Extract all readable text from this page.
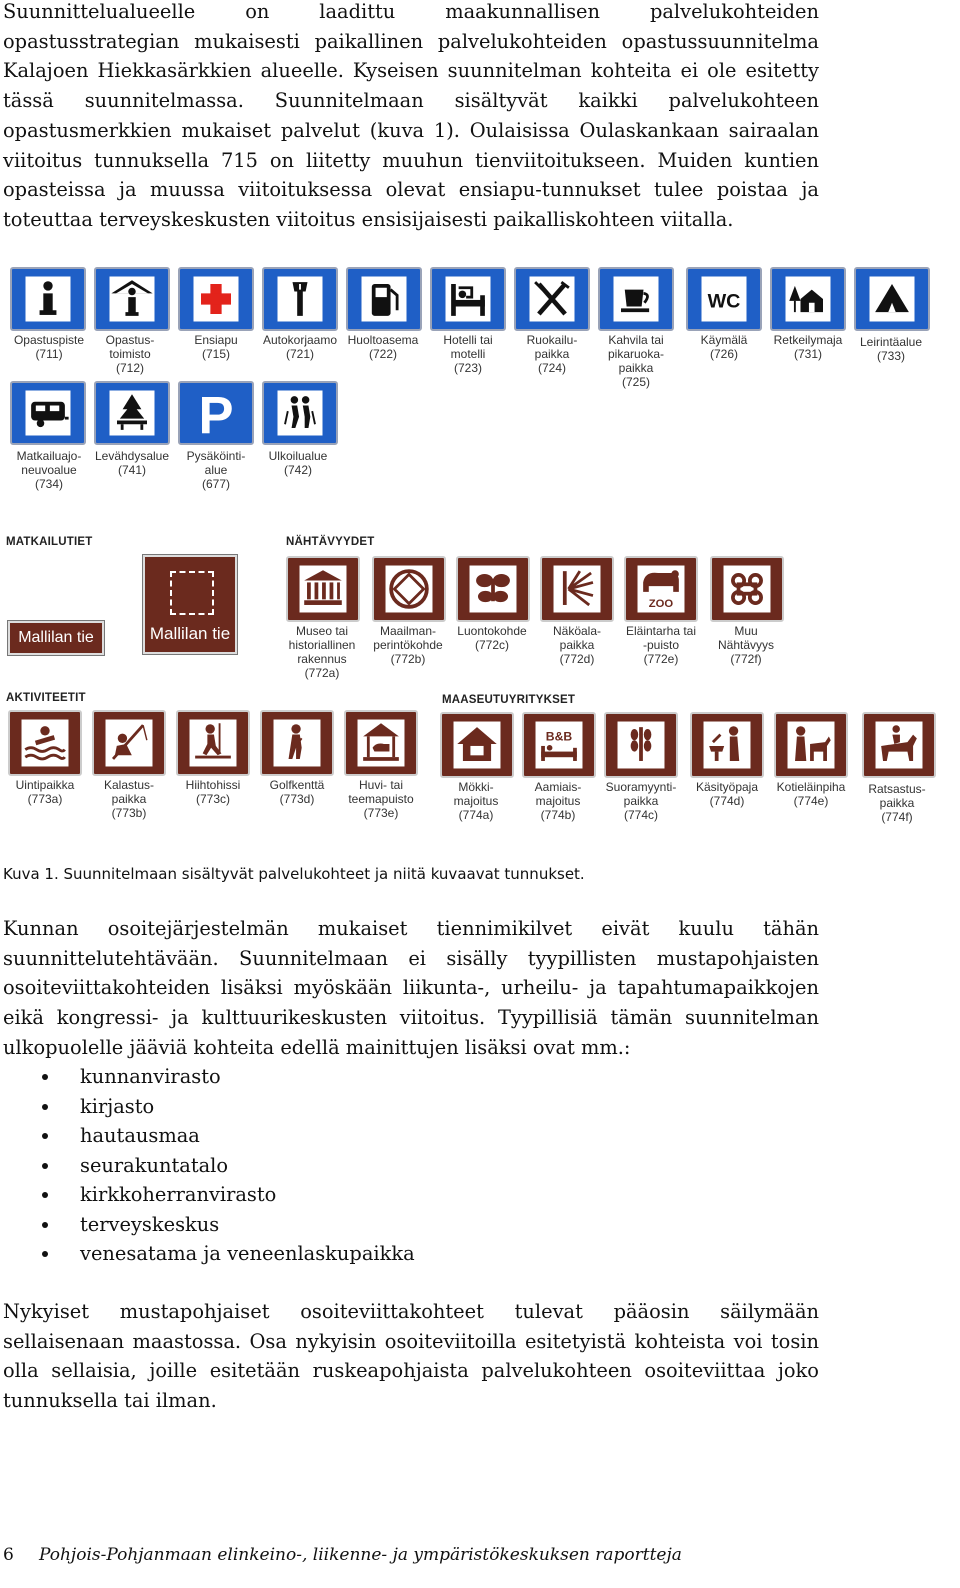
Suunnittelualueelle on laadittu maakunnallisen palvelukohteiden opastusstrategian mukaisesti paikallinen palvelukohteiden opastussuunnitelma Kalajoen Hiekkasärkkien alueelle. Kyseisen suunnitelman kohteita ei ole esitetty tässä suunnitelmassa. Suunnitelmaan sisältyvät kaikki palvelukohteen opastusmerkkien mukaiset palvelut (kuva 1). Oulaisissa Oulaskankaan sairaalan viitoitus tunnuksella 715 on liitetty muuhun tienviitoitukseen. Muiden kuntien opasteissa ja muussa viitoituksessa olevat ensiapu-tunnukset tulee poistaa ja toteuttaa terveyskeskusten viitoitus ensisijaisesti paikalliskohteen viitalla.

WC
P
Opastuspiste
(711)
Opastus-
toimisto
(712)
Ensiapu
(715)
Autokorjaamo
(721)
Huoltoasema
(722)
Hotelli tai
motelli
(723)
Ruokailu-
paikka
(724)
Kahvila tai
pikaruoka-
paikka
(725)
Käymälä
(726)
Retkeilymaja
(731)
Leirintäalue
(733)
Matkailuajo-
neuvoalue
(734)
Levähdysalue
(741)
Pysäköinti-
alue
(677)
Ulkoilualue
(742)
MATKAILUTIET	NÄHTÄVYYDET
Mallilan tie	Mallilan tie
ZOO
Museo tai
historiallinen
rakennus
(772a)
Maailman-
perintökohde
(772b)
Luontokohde
(772c)
Näköala-
paikka
(772d)
Eläintarha tai
-puisto
(772e)
Muu
Nähtävyys
(772f)
AKTIVITEETIT	MAASEUTUYRITYKSET
Uintipaikka
(773a)
Kalastus-
paikka
(773b)
Hiihtohissi
(773c)
Golfkenttä
(773d)
Huvi- tai
teemapuisto
(773e)
B&B
Mökki-
majoitus
(774a)
Aamiais-
majoitus
(774b)
Suoramyynti-
paikka
(774c)
Käsityöpaja
(774d)
Kotieläinpiha
(774e)
Ratsastus-
paikka
(774f)
Kuva 1. Suunnitelmaan sisältyvät palvelukohteet ja niitä kuvaavat tunnukset.

Kunnan osoitejärjestelmän mukaiset tiennimikilvet eivät kuulu tähän suunnittelutehtävään. Suunnitelmaan ei sisälly tyypillisten mustapohjaisten osoiteviittakohteiden lisäksi myöskään liikunta-, urheilu- ja tapahtumapaikkojen eikä kongressi- ja kulttuurikeskusten viitoitus. Tyypillisiä tämän suunnitelman ulkopuolelle jääviä kohteita edellä mainittujen lisäksi ovat mm.:

kunnanvirasto
kirjasto
hautausmaa
seurakuntatalo
kirkkoherranvirasto
terveyskeskus
venesatama ja veneenlaskupaikka

Nykyiset mustapohjaiset osoiteviittakohteet tulevat pääosin säilymään sellaisenaan maastossa. Osa nykyisin osoiteviitoilla esitetyistä kohteista voi tosin olla sellaisia, joille esitetään ruskeapohjaista palvelukohteen osoiteviittaa joko tunnuksella tai ilman.

6 Pohjois-Pohjanmaan elinkeino-, liikenne- ja ympäristökeskuksen raportteja
